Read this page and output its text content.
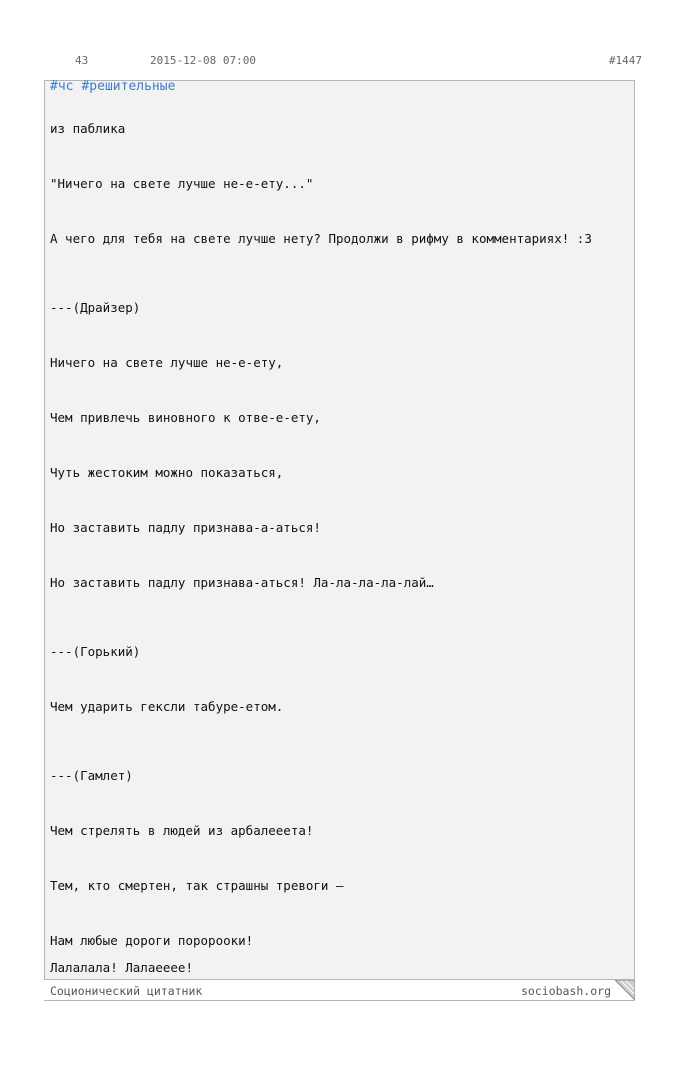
43	2015-12-08 07:00	#1447
#чс #решительные
из паблика
"Ничего на свете лучше не-е-ету..."
А чего для тебя на свете лучше нету? Продолжи в рифму в комментариях! :3
---(Драйзер)
Ничего на свете лучше не-е-ету,
Чем привлечь виновного к отве-е-ету,
Чуть жестоким можно показаться,
Но заставить падлу признава-а-аться!
Но заставить падлу признава-аться! Ла-ла-ла-ла-лай…
---(Горький)
Чем ударить гексли табуре-етом.
---(Гамлет)
Чем стрелять в людей из арбалееета!
Тем, кто смертен, так страшны тревоги –
Нам любые дороги поророоки!
Лалалала! Лалаееее!
Соционический цитатник	sociobash.org
